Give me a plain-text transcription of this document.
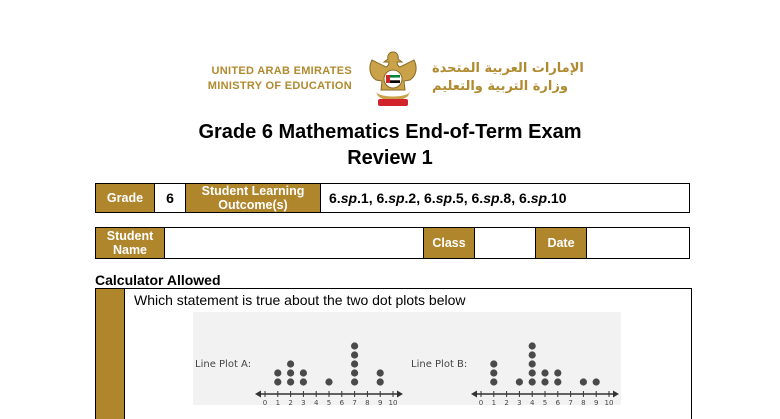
UNITED ARAB EMIRATES
MINISTRY OF EDUCATION
الإمارات العربية المتحدة
وزارة التربية والتعليم
Grade 6 Mathematics End-of-Term Exam
Review 1
Grade	6	Student Learning Outcome(s)	6.sp.1, 6.sp.2, 6.sp.5, 6.sp.8, 6.sp.10
Student Name		Class		Date	
Calculator Allowed
Which statement is true about the two dot plots below
Line Plot A:	Line Plot B:
0 1 2 3 4 5 6 7 8 9 10	0 1 2 3 4 5 6 7 8 9 10
